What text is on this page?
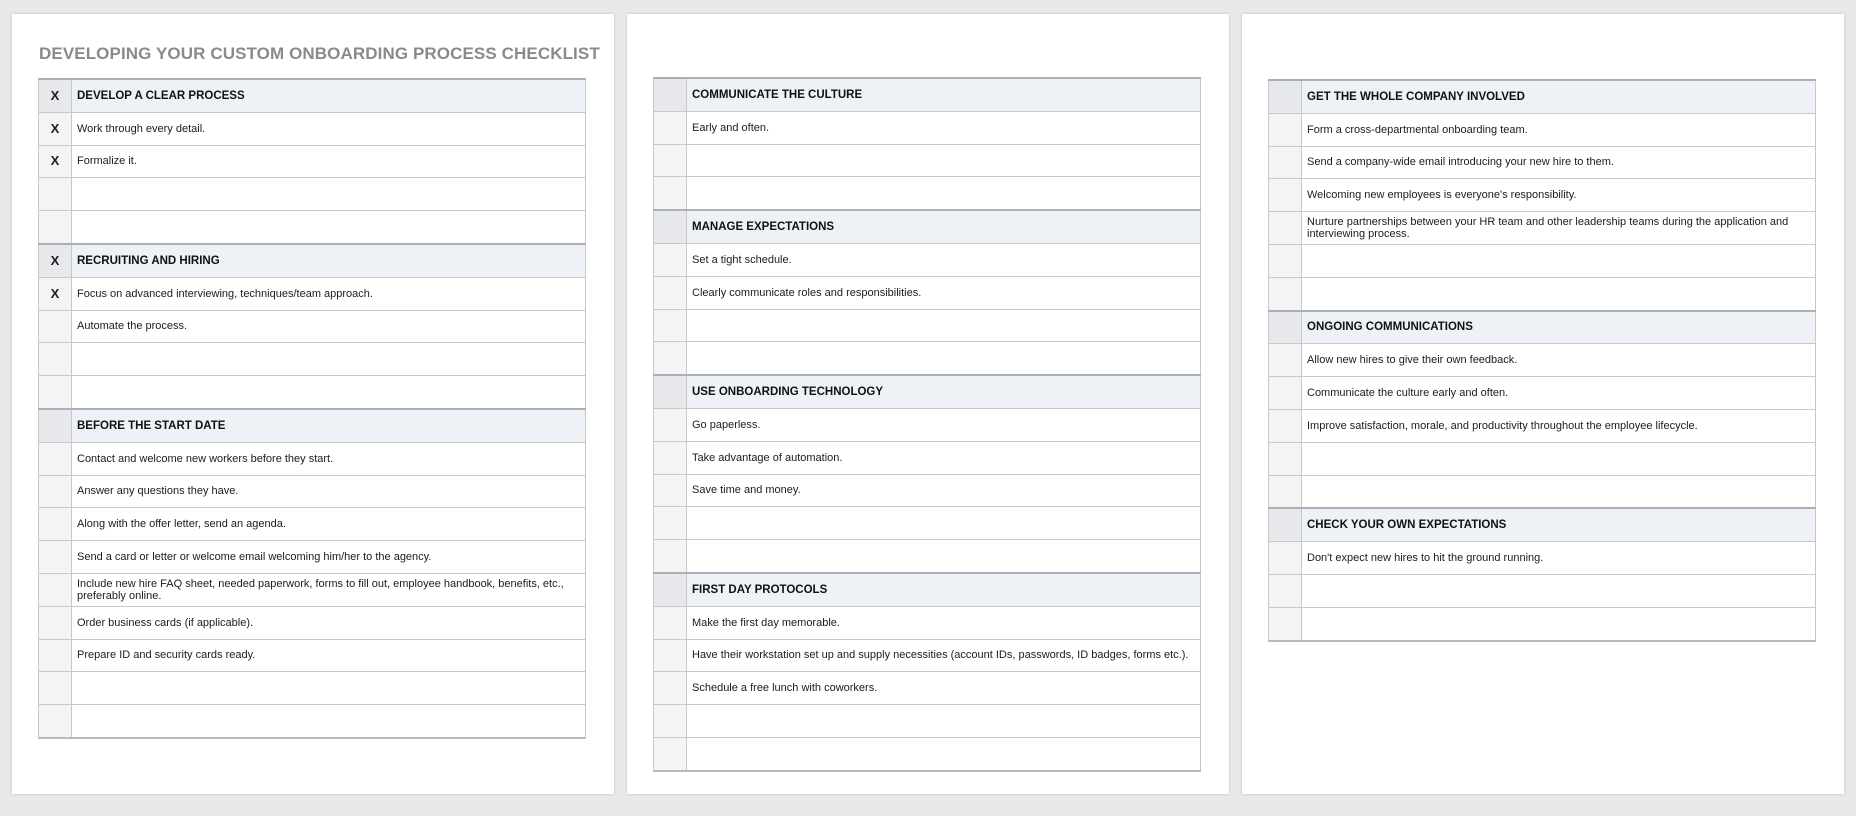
DEVELOPING YOUR CUSTOM ONBOARDING PROCESS CHECKLIST
X	DEVELOP A CLEAR PROCESS
X	Work through every detail.
X	Formalize it.

X	RECRUITING AND HIRING
X	Focus on advanced interviewing, techniques/team approach.
	Automate the process.

	BEFORE THE START DATE
	Contact and welcome new workers before they start.
	Answer any questions they have.
	Along with the offer letter, send an agenda.
	Send a card or letter or welcome email welcoming him/her to the agency.
	Include new hire FAQ sheet, needed paperwork, forms to fill out, employee handbook, benefits, etc., preferably online.
	Order business cards (if applicable).
	Prepare ID and security cards ready.

	COMMUNICATE THE CULTURE
	Early and often.

	MANAGE EXPECTATIONS
	Set a tight schedule.
	Clearly communicate roles and responsibilities.

	USE ONBOARDING TECHNOLOGY
	Go paperless.
	Take advantage of automation.
	Save time and money.

	FIRST DAY PROTOCOLS
	Make the first day memorable.
	Have their workstation set up and supply necessities (account IDs, passwords, ID badges, forms etc.).
	Schedule a free lunch with coworkers.

	GET THE WHOLE COMPANY INVOLVED
	Form a cross-departmental onboarding team.
	Send a company-wide email introducing your new hire to them.
	Welcoming new employees is everyone's responsibility.
	Nurture partnerships between your HR team and other leadership teams during the application and interviewing process.

	ONGOING COMMUNICATIONS
	Allow new hires to give their own feedback.
	Communicate the culture early and often.
	Improve satisfaction, morale, and productivity throughout the employee lifecycle.

	CHECK YOUR OWN EXPECTATIONS
	Don't expect new hires to hit the ground running.
